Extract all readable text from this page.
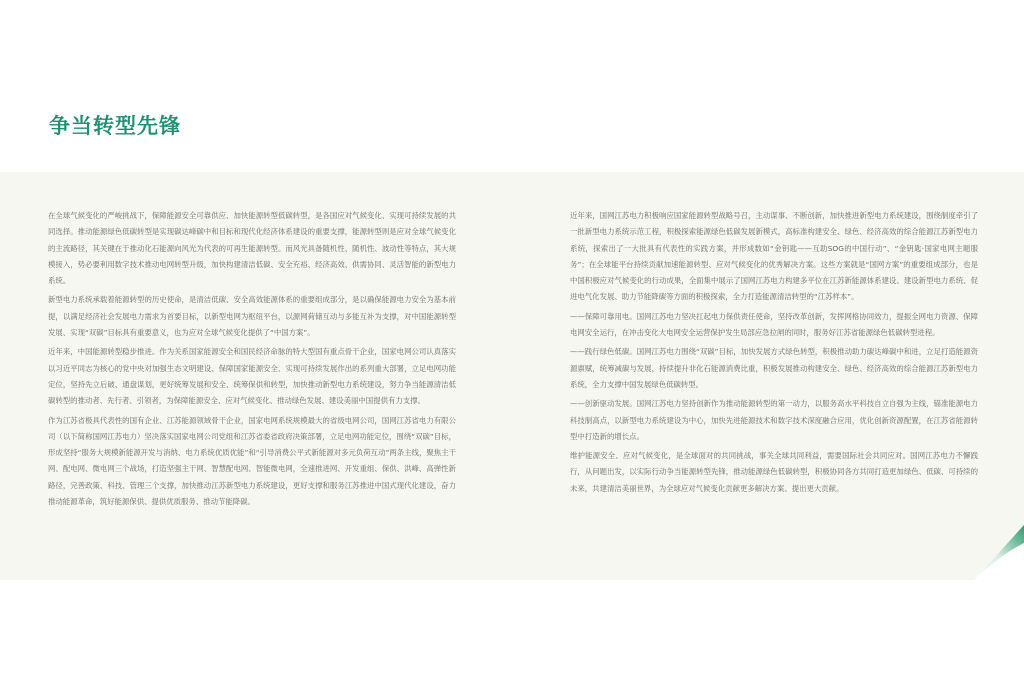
争当转型先锋

在全球气候变化的严峻挑战下，保障能源安全可靠供应、加快能源转型低碳转型，是各国应对气候变化、实现可持续发展的共同选择。推动能源绿色低碳转型是实现碳达峰碳中和目标和现代化经济体系建设的重要支撑，能源转型则是应对全球气候变化的主流路径，其关键在于推动化石能源向风光为代表的可再生能源转型。而风光具备随机性、随机性、波动性等特点，其大规模接入，势必要利用数字技术推动电网转型升级，加快构建清洁低碳、安全充裕、经济高效、供需协同、灵活智能的新型电力系统。

新型电力系统承载着能源转型的历史使命，是清洁低碳、安全高效能源体系的重要组成部分，是以确保能源电力安全为基本前提，以满足经济社会发展电力需求为首要目标，以新型电网为枢纽平台，以源网荷储互动与多能互补为支撑，对中国能源转型发展、实现“双碳”目标具有重要意义，也为应对全球气候变化提供了“中国方案”。

近年来，中国能源转型稳步推进。作为关系国家能源安全和国民经济命脉的特大型国有重点骨干企业，国家电网公司认真落实以习近平同志为核心的党中央对加强生态文明建设、保障国家能源安全、实现可持续发展作出的系列重大部署，立足电网功能定位，坚持先立后破、通盘谋划，更好统筹发展和安全、统筹保供和转型，加快推动新型电力系统建设，努力争当能源清洁低碳转型的推动者、先行者、引领者，为保障能源安全、应对气候变化、推动绿色发展、建设美丽中国提供有力支撑。

作为江苏省极具代表性的国有企业、江苏能源领域骨干企业，国家电网系统规模最大的省级电网公司，国网江苏省电力有限公司（以下简称国网江苏电力）坚决落实国家电网公司党组和江苏省委省政府决策部署，立足电网功能定位，围绕“双碳”目标，形成坚持“服务大规模新能源开发与消纳、电力系统优质优能”和“引导消费公平式新能源对多元负荷互动”两条主线，聚焦主干网、配电网、微电网三个战场，打造坚强主干网、智慧配电网、智能微电网，全速推进网、开发重组、保供、洪峰、高弹性新路径，完善政策、科技、管理三个支撑，加快推动江苏新型电力系统建设，更好支撑和服务江苏推进中国式现代化建设，奋力推动能源革命，筑好能源保供、提供优质服务、推动节能降碳。

近年来，国网江苏电力积极响应国家能源转型战略号召，主动谋事、不断创新，加快推进新型电力系统建设，围绕制度牵引了一批新型电力系统示范工程，积极探索能源绿色低碳发展新模式，高标准构建安全、绿色、经济高效的综合能源江苏新型电力系统，探索出了一大批具有代表性的实践方案，并形成数如“金钥匙——互助SOG的中国行动”、“金钥匙·国家电网主题服务”；在全球能平台持续贡献加速能源转型、应对气候变化的优秀解决方案。这些方案就是“国网方案”的重要组成部分，也是中国积极应对气候变化的行动成果，全面集中展示了国网江苏电力构建多平位在江苏新能源体系建设、建设新型电力系统、促进电气化发展、助力节能降碳等方面的积极探索，全力打造能源清洁转型的“江苏样本”。

——保障可靠用电。国网江苏电力坚决扛起电力保供责任使命，坚持改革创新，发挥网格协同效力，提振全网电力资源、保障电网安全运行，在冲击变化大电网安全运营保护发生局部应急拉闸的同时，服务好江苏省能源绿色低碳转型进程。

——践行绿色低碳。国网江苏电力围绕“双碳”目标，加快发展方式绿色转型，积极推动助力碳达峰碳中和进，立足打造能源资源禀赋，统筹减碳与发展，持续提升非化石能源消费比重，积极发展推动构建安全、绿色、经济高效的综合能源江苏新型电力系统，全力支撑中国发展绿色低碳转型。

——创新驱动发展。国网江苏电力坚持创新作为推动能源转型的第一动力，以服务高水平科技自立自强为主线，锚准能源电力科技制高点，以新型电力系统建设为中心，加快先进能源技术和数字技术深度融合应用，优化创新资源配置，在江苏省能源转型中打造新的增长点。

维护能源安全、应对气候变化，是全球面对的共同挑战，事关全球共同利益，需要国际社会共同应对。国网江苏电力不懈践行，从问题出发，以实际行动争当能源转型先锋，推动能源绿色低碳转型，积极协同各方共同打造更加绿色、低碳、可持续的未来，共建清洁美丽世界，为全球应对气候变化贡献更多解决方案、提出更大贡献。
